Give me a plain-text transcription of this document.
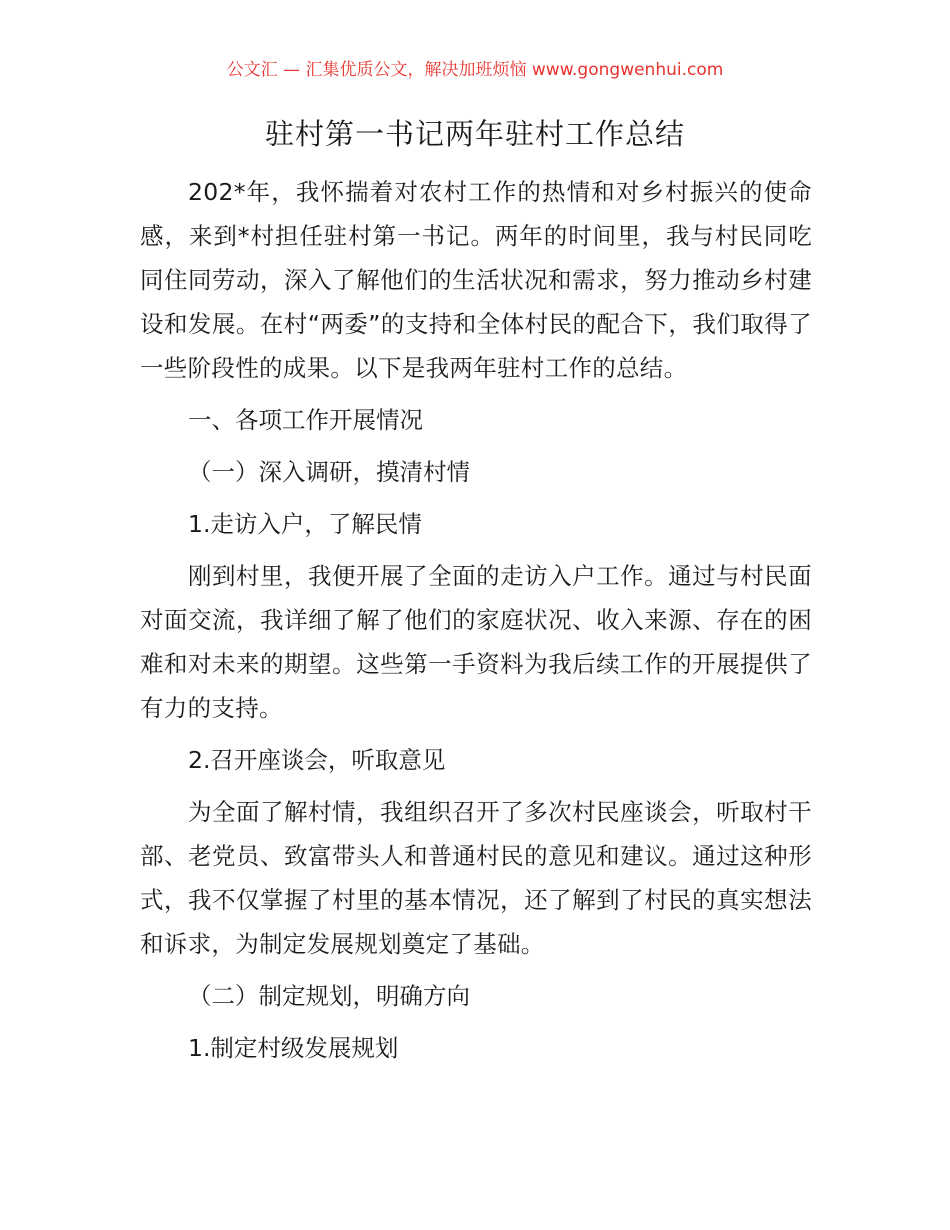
公文汇 — 汇集优质公文，解决加班烦恼 www.gongwenhui.com
驻村第一书记两年驻村工作总结

202*年，我怀揣着对农村工作的热情和对乡村振兴的使命感，来到*村担任驻村第一书记。两年的时间里，我与村民同吃同住同劳动，深入了解他们的生活状况和需求，努力推动乡村建设和发展。在村“两委”的支持和全体村民的配合下，我们取得了一些阶段性的成果。以下是我两年驻村工作的总结。

一、各项工作开展情况

（一）深入调研，摸清村情

1.走访入户，了解民情

刚到村里，我便开展了全面的走访入户工作。通过与村民面对面交流，我详细了解了他们的家庭状况、收入来源、存在的困难和对未来的期望。这些第一手资料为我后续工作的开展提供了有力的支持。

2.召开座谈会，听取意见

为全面了解村情，我组织召开了多次村民座谈会，听取村干部、老党员、致富带头人和普通村民的意见和建议。通过这种形式，我不仅掌握了村里的基本情况，还了解到了村民的真实想法和诉求，为制定发展规划奠定了基础。

（二）制定规划，明确方向

1.制定村级发展规划
